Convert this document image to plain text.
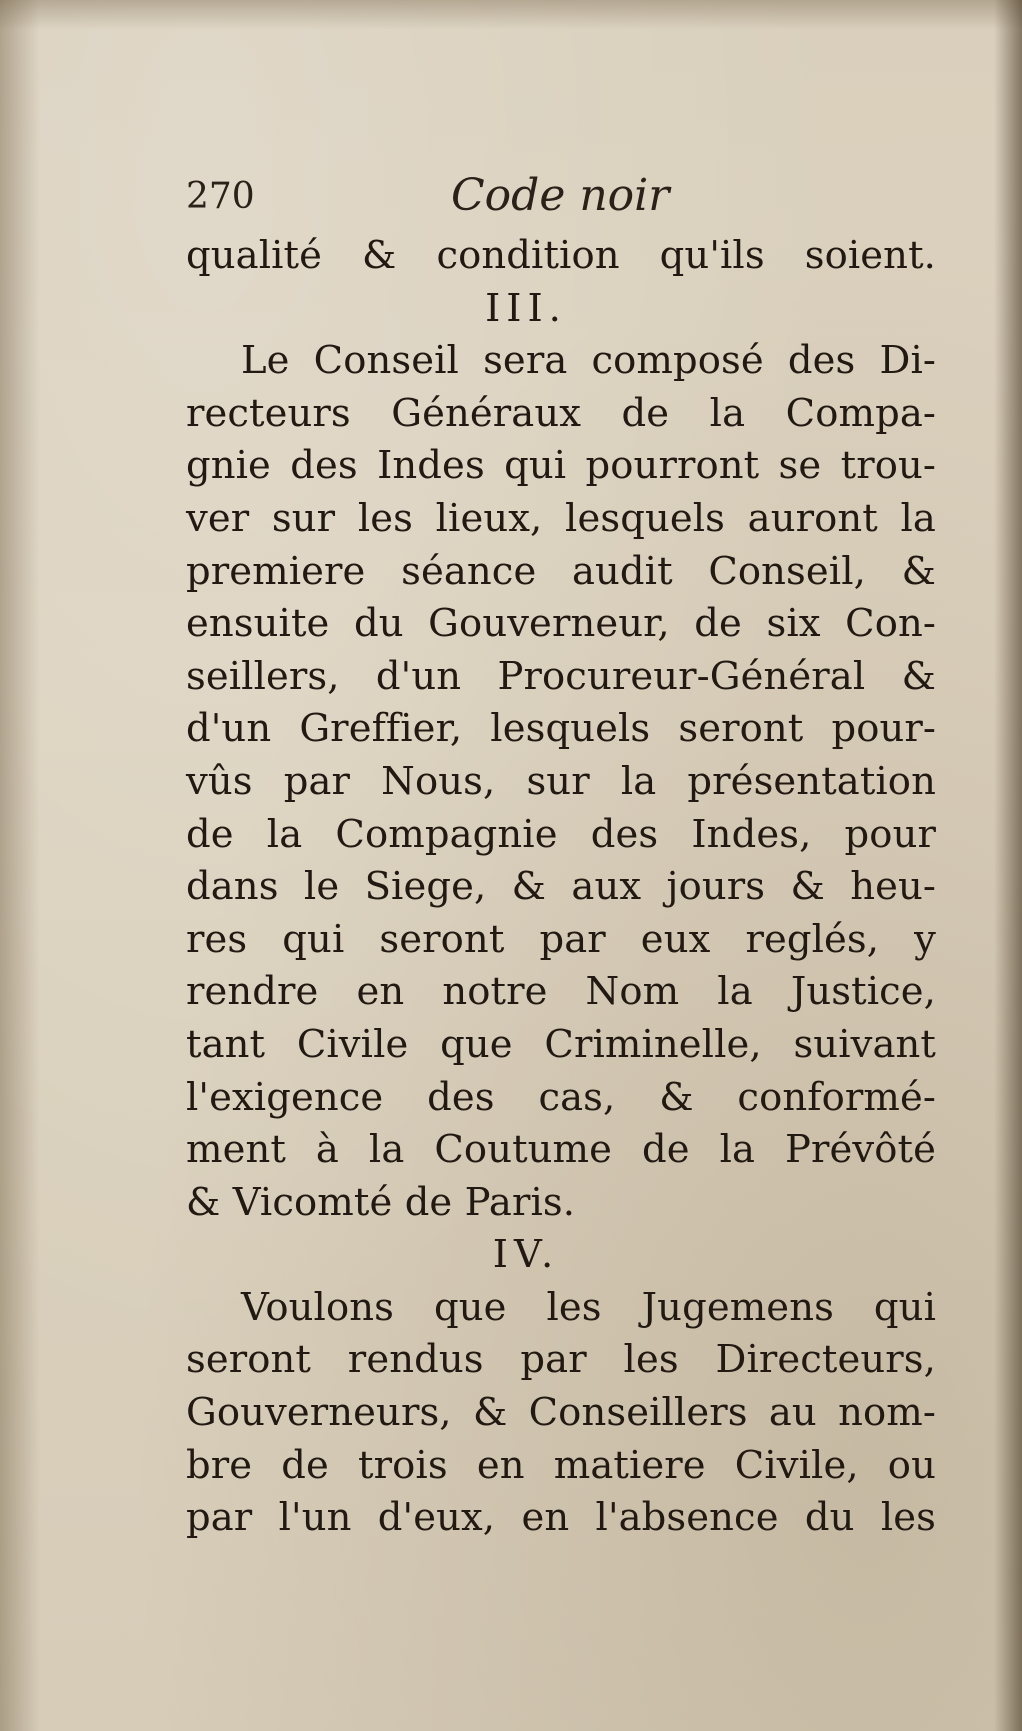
270	Code noir
qualité & condition qu'ils soient.
III.
Le Conseil sera composé des Di-
recteurs Généraux de la Compa-
gnie des Indes qui pourront se trou-
ver sur les lieux, lesquels auront la
premiere séance audit Conseil, &
ensuite du Gouverneur, de six Con-
seillers, d'un Procureur-Général &
d'un Greffier, lesquels seront pour-
vûs par Nous, sur la présentation
de la Compagnie des Indes, pour
dans le Siege, & aux jours & heu-
res qui seront par eux reglés, y
rendre en notre Nom la Justice,
tant Civile que Criminelle, suivant
l'exigence des cas, & conformé-
ment à la Coutume de la Prévôté
& Vicomté de Paris.
IV.
Voulons que les Jugemens qui
seront rendus par les Directeurs,
Gouverneurs, & Conseillers au nom-
bre de trois en matiere Civile, ou
par l'un d'eux, en l'absence du les
